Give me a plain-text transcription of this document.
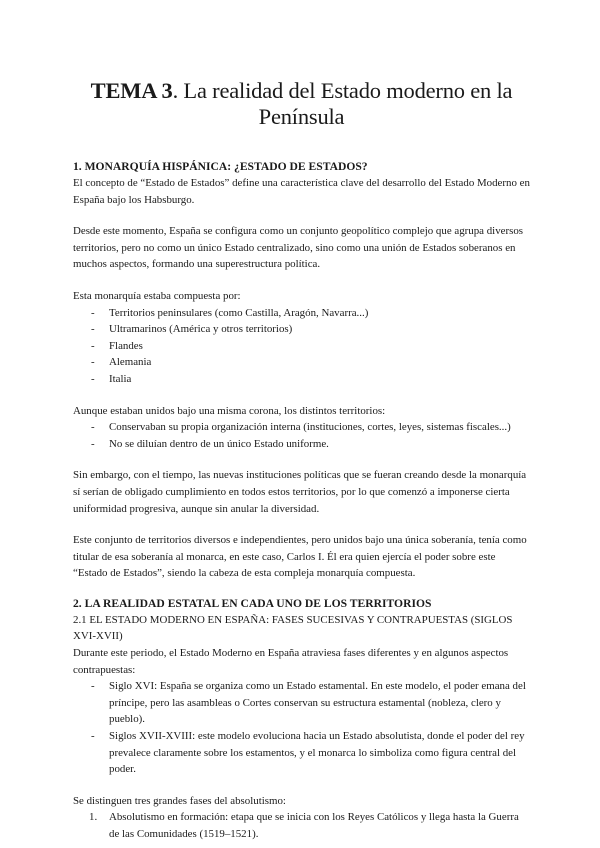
TEMA 3. La realidad del Estado moderno en la Península
1. MONARQUÍA HISPÁNICA: ¿ESTADO DE ESTADOS?

El concepto de “Estado de Estados” define una característica clave del desarrollo del Estado Moderno en España bajo los Habsburgo.

Desde este momento, España se configura como un conjunto geopolítico complejo que agrupa diversos territorios, pero no como un único Estado centralizado, sino como una unión de Estados soberanos en muchos aspectos, formando una superestructura política.

Esta monarquía estaba compuesta por:

- Territorios peninsulares (como Castilla, Aragón, Navarra...)
- Ultramarinos (América y otros territorios)
- Flandes
- Alemania
- Italia

Aunque estaban unidos bajo una misma corona, los distintos territorios:

- Conservaban su propia organización interna (instituciones, cortes, leyes, sistemas fiscales...)
- No se diluían dentro de un único Estado uniforme.

Sin embargo, con el tiempo, las nuevas instituciones políticas que se fueran creando desde la monarquía sí serían de obligado cumplimiento en todos estos territorios, por lo que comenzó a imponerse cierta uniformidad progresiva, aunque sin anular la diversidad.

Este conjunto de territorios diversos e independientes, pero unidos bajo una única soberanía, tenía como titular de esa soberanía al monarca, en este caso, Carlos I. Él era quien ejercía el poder sobre este “Estado de Estados”, siendo la cabeza de esta compleja monarquía compuesta.

2. LA REALIDAD ESTATAL EN CADA UNO DE LOS TERRITORIOS

2.1 EL ESTADO MODERNO EN ESPAÑA: FASES SUCESIVAS Y CONTRAPUESTAS (SIGLOS XVI-XVII)

Durante este periodo, el Estado Moderno en España atraviesa fases diferentes y en algunos aspectos contrapuestas:

- Siglo XVI: España se organiza como un Estado estamental. En este modelo, el poder emana del príncipe, pero las asambleas o Cortes conservan su estructura estamental (nobleza, clero y pueblo).
- Siglos XVII-XVIII: este modelo evoluciona hacia un Estado absolutista, donde el poder del rey prevalece claramente sobre los estamentos, y el monarca lo simboliza como figura central del poder.

Se distinguen tres grandes fases del absolutismo:

1. Absolutismo en formación: etapa que se inicia con los Reyes Católicos y llega hasta la Guerra de las Comunidades (1519–1521).
